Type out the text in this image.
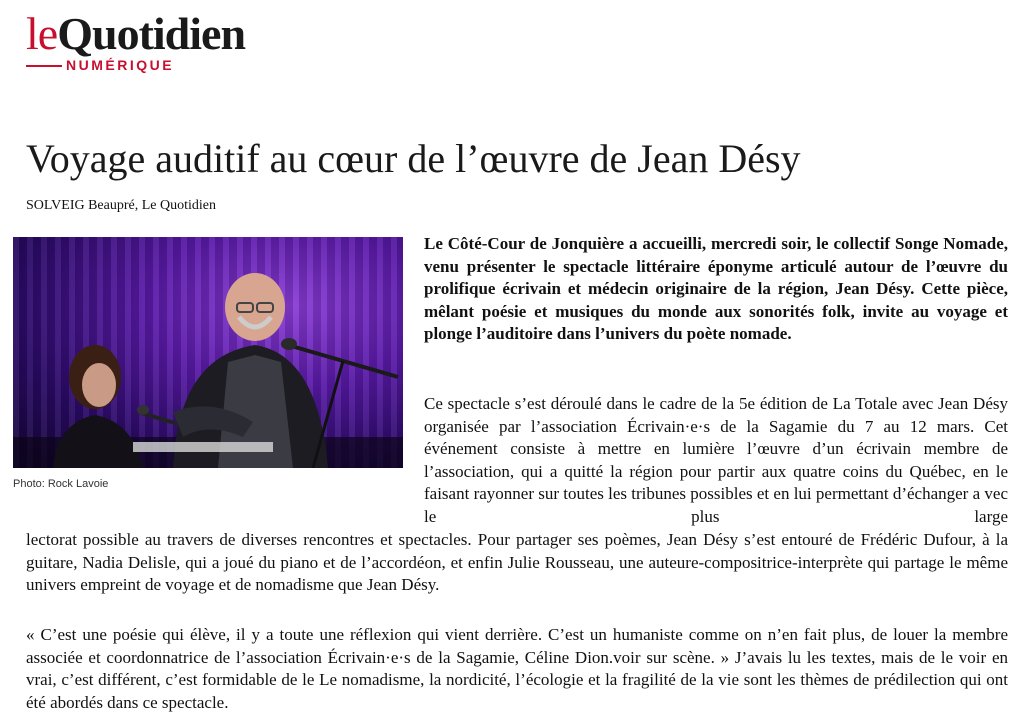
leQuotidien
NUMÉRIQUE
Voyage auditif au cœur de l’œuvre de Jean Désy
SOLVEIG Beaupré, Le Quotidien
Photo: Rock Lavoie

Le Côté-Cour de Jonquière a accueilli, mercredi soir, le collectif Songe Nomade, venu présenter le spectacle littéraire éponyme articulé autour de l’œuvre du prolifique écrivain et médecin originaire de la région, Jean Désy. Cette pièce, mêlant poésie et musiques du monde aux sonorités folk, invite au voyage et plonge l’auditoire dans l’univers du poète nomade.

Ce spectacle s’est déroulé dans le cadre de la 5e édition de La Totale avec Jean Désy organisée par l’association Écrivain·e·s de la Sagamie du 7 au 12 mars. Cet événement consiste à mettre en lumière l’œuvre d’un écrivain membre de l’association, qui a quitté la région pour partir aux quatre coins du Québec, en le faisant rayonner sur toutes les tribunes possibles et en lui permettant d’échanger a vec le plus large

lectorat possible au travers de diverses rencontres et spectacles. Pour partager ses poèmes, Jean Désy s’est entouré de Frédéric Dufour, à la guitare, Nadia Delisle, qui a joué du piano et de l’accordéon, et enfin Julie Rousseau, une auteure-compositrice-interprète qui partage le même univers empreint de voyage et de nomadisme que Jean Désy.

« C’est une poésie qui élève, il y a toute une réflexion qui vient derrière. C’est un humaniste comme on n’en fait plus, de louer la membre associée et coordonnatrice de l’association Écrivain·e·s de la Sagamie, Céline Dion.voir sur scène. » J’avais lu les textes, mais de le voir en vrai, c’est différent, c’est formidable de le Le nomadisme, la nordicité, l’écologie et la fragilité de la vie sont les thèmes de prédilection qui ont été abordés dans ce spectacle.
